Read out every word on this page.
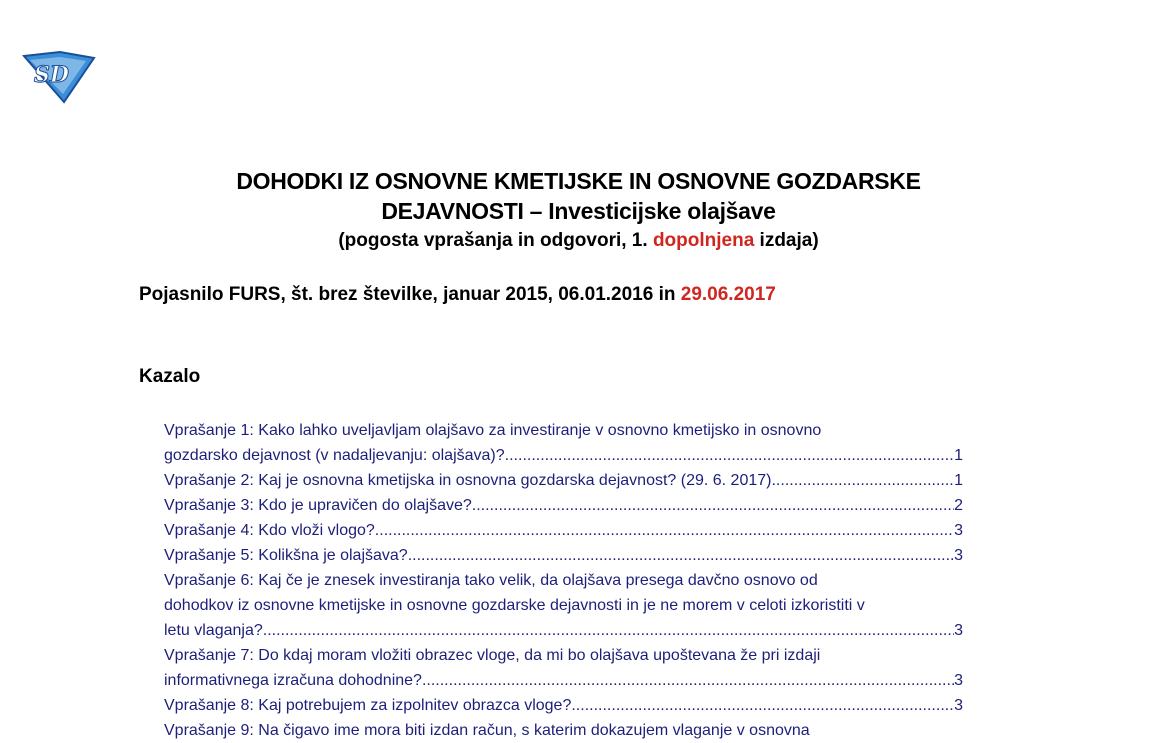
SD
DOHODKI IZ OSNOVNE KMETIJSKE IN OSNOVNE GOZDARSKE
DEJAVNOSTI – Investicijske olajšave
(pogosta vprašanja in odgovori, 1. dopolnjena izdaja)
Pojasnilo FURS, št. brez številke, januar 2015, 06.01.2016 in 29.06.2017
Kazalo
Vprašanje 1: Kako lahko uveljavljam olajšavo za investiranje v osnovno kmetijsko in osnovno
gozdarsko dejavnost (v nadaljevanju: olajšava)? .....	1
Vprašanje 2: Kaj je osnovna kmetijska in osnovna gozdarska dejavnost? (29. 6. 2017) .....	1
Vprašanje 3: Kdo je upravičen do olajšave? .....	2
Vprašanje 4: Kdo vloži vlogo? .....	3
Vprašanje 5: Kolikšna je olajšava? .....	3
Vprašanje 6: Kaj če je znesek investiranja tako velik, da olajšava presega davčno osnovo od
dohodkov iz osnovne kmetijske in osnovne gozdarske dejavnosti in je ne morem v celoti izkoristiti v
letu vlaganja? .....	3
Vprašanje 7: Do kdaj moram vložiti obrazec vloge, da mi bo olajšava upoštevana že pri izdaji
informativnega izračuna dohodnine? .....	3
Vprašanje 8: Kaj potrebujem za izpolnitev obrazca vloge? .....	3
Vprašanje 9: Na čigavo ime mora biti izdan račun, s katerim dokazujem vlaganje v osnovna
